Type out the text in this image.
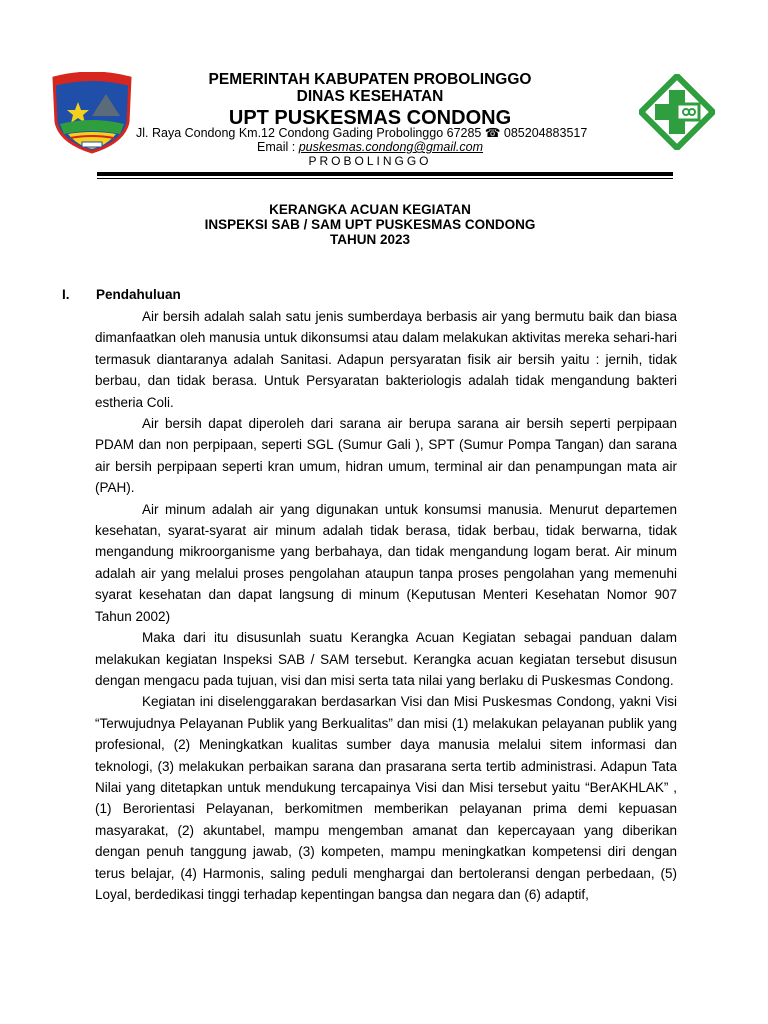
PEMERINTAH KABUPATEN PROBOLINGGO
DINAS KESEHATAN
UPT PUSKESMAS CONDONG
Jl. Raya Condong Km.12 Condong Gading Probolinggo 67285 ☎ 085204883517
Email : puskesmas.condong@gmail.com
PROBOLINGGO
KERANGKA ACUAN KEGIATAN
INSPEKSI SAB / SAM UPT PUSKESMAS CONDONG
TAHUN 2023
I. Pendahuluan

Air bersih adalah salah satu jenis sumberdaya berbasis air yang bermutu baik dan biasa dimanfaatkan oleh manusia untuk dikonsumsi atau dalam melakukan aktivitas mereka sehari-hari termasuk diantaranya adalah Sanitasi. Adapun persyaratan fisik air bersih yaitu : jernih, tidak berbau, dan tidak berasa. Untuk Persyaratan bakteriologis adalah tidak mengandung bakteri estheria Coli.

Air bersih dapat diperoleh dari sarana air berupa sarana air bersih seperti perpipaan PDAM dan non perpipaan, seperti SGL (Sumur Gali ), SPT (Sumur Pompa Tangan) dan sarana air bersih perpipaan seperti kran umum, hidran umum, terminal air dan penampungan mata air (PAH).

Air minum adalah air yang digunakan untuk konsumsi manusia. Menurut departemen kesehatan, syarat-syarat air minum adalah tidak berasa, tidak berbau, tidak berwarna, tidak mengandung mikroorganisme yang berbahaya, dan tidak mengandung logam berat. Air minum adalah air yang melalui proses pengolahan ataupun tanpa proses pengolahan yang memenuhi syarat kesehatan dan dapat langsung di minum (Keputusan Menteri Kesehatan Nomor 907 Tahun 2002)

Maka dari itu disusunlah suatu Kerangka Acuan Kegiatan sebagai panduan dalam melakukan kegiatan Inspeksi SAB / SAM tersebut. Kerangka acuan kegiatan tersebut disusun dengan mengacu pada tujuan, visi dan misi serta tata nilai yang berlaku di Puskesmas Condong.

Kegiatan ini diselenggarakan berdasarkan Visi dan Misi Puskesmas Condong, yakni Visi “Terwujudnya Pelayanan Publik yang Berkualitas” dan misi (1) melakukan pelayanan publik yang profesional, (2) Meningkatkan kualitas sumber daya manusia melalui sitem informasi dan teknologi, (3) melakukan perbaikan sarana dan prasarana serta tertib administrasi. Adapun Tata Nilai yang ditetapkan untuk mendukung tercapainya Visi dan Misi tersebut yaitu “BerAKHLAK” , (1) Berorientasi Pelayanan, berkomitmen memberikan pelayanan prima demi kepuasan masyarakat, (2) akuntabel, mampu mengemban amanat dan kepercayaan yang diberikan dengan penuh tanggung jawab, (3) kompeten, mampu meningkatkan kompetensi diri dengan terus belajar, (4) Harmonis, saling peduli menghargai dan bertoleransi dengan perbedaan, (5) Loyal, berdedikasi tinggi terhadap kepentingan bangsa dan negara dan (6) adaptif,
